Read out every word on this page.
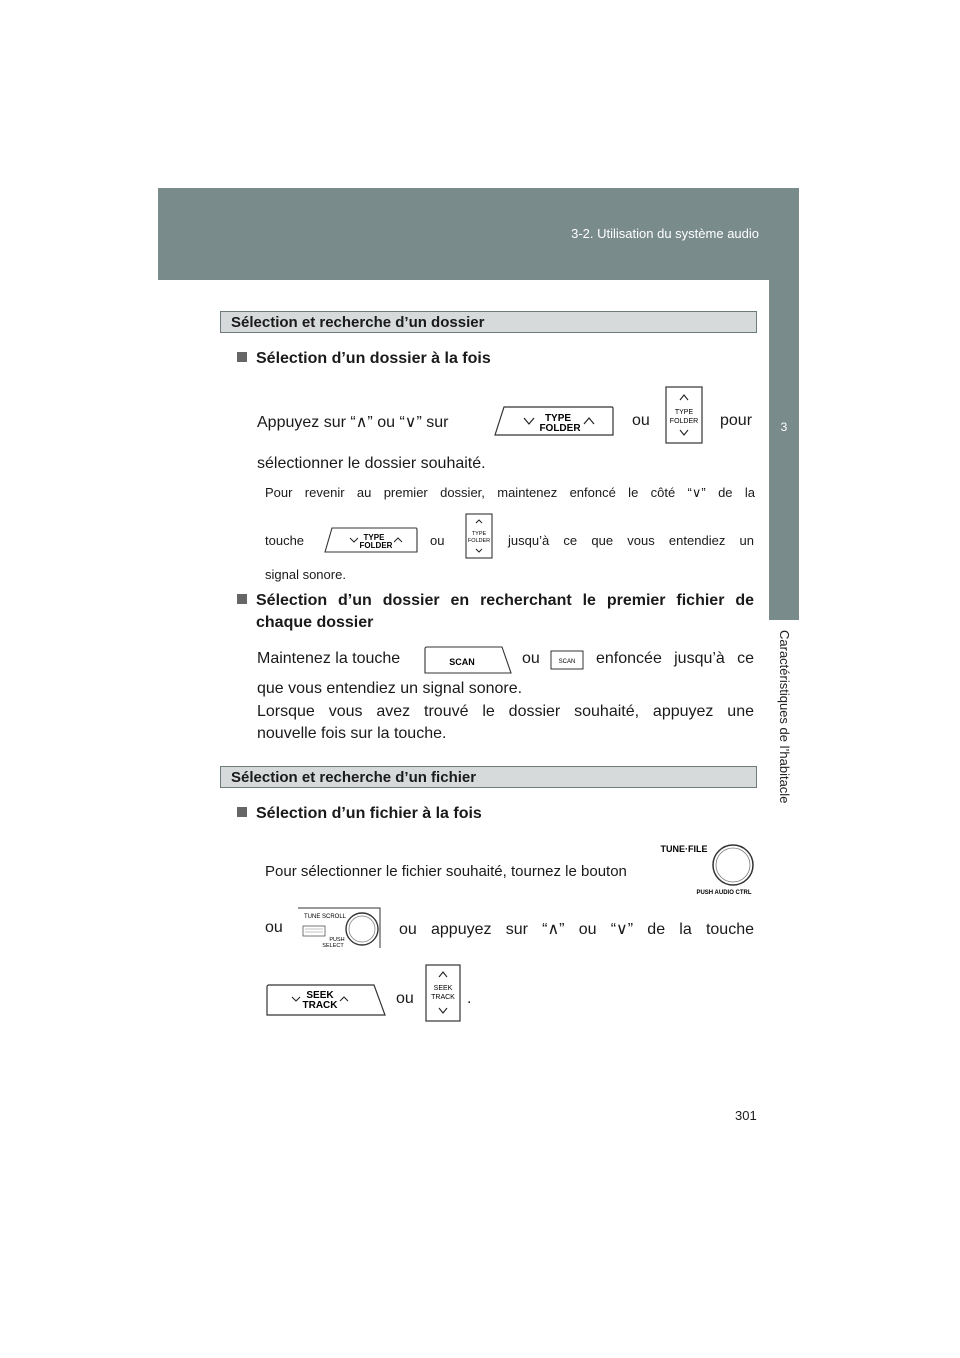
3-2. Utilisation du système audio
3
Caractéristiques de l’habitacle
Sélection et recherche d’un dossier
Sélection d’un dossier à la fois
Appuyez sur “∧” ou “∨” sur	TYPE
FOLDER	ou	TYPE
FOLDER pour
sélectionner le dossier souhaité.
Pour revenir au premier dossier, maintenez enfoncé le côté “∨” de la
touche	TYPE
FOLDER	ou	TYPE
FOLDER jusqu’à ce que vous entendiez un
signal sonore.
Sélection d’un dossier en recherchant le premier fichier de
chaque dossier
Maintenez la touche	SCAN	ou	SCAN enfoncée jusqu’à ce
que vous entendiez un signal sonore.
Lorsque vous avez trouvé le dossier souhaité, appuyez une
nouvelle fois sur la touche.
Sélection et recherche d’un fichier
Sélection d’un fichier à la fois
Pour sélectionner le fichier souhaité, tournez le bouton
TUNE·FILE
PUSH AUDIO CTRL
ou
TUNE SCROLL
PUSH
SELECT
ou appuyez sur “∧” ou “∨” de la touche
SEEK
TRACK	ou
SEEK
TRACK .
301
